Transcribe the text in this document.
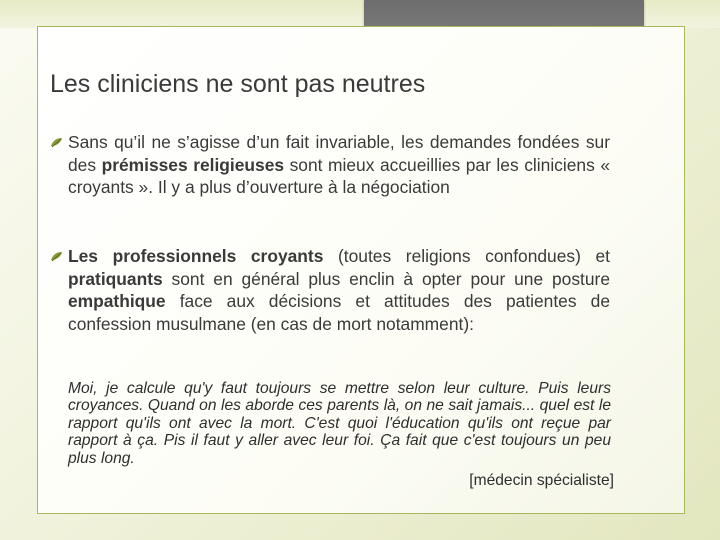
Les cliniciens ne sont pas neutres

Sans qu’il ne s’agisse d’un fait invariable, les demandes fondées sur des prémisses religieuses sont mieux accueillies par les cliniciens « croyants ». Il y a plus d’ouverture à la négociation

Les professionnels croyants (toutes religions confondues) et pratiquants sont en général plus enclin à opter pour une posture empathique face aux décisions et attitudes des patientes de confession musulmane (en cas de mort notamment):

Moi, je calcule qu'y faut toujours se mettre selon leur culture. Puis leurs croyances. Quand on les aborde ces parents là, on ne sait jamais... quel est le rapport qu'ils ont avec la mort. C'est quoi l'éducation qu'ils ont reçue par rapport à ça. Pis il faut y aller avec leur foi. Ça fait que c'est toujours un peu plus long.

[médecin spécialiste]
